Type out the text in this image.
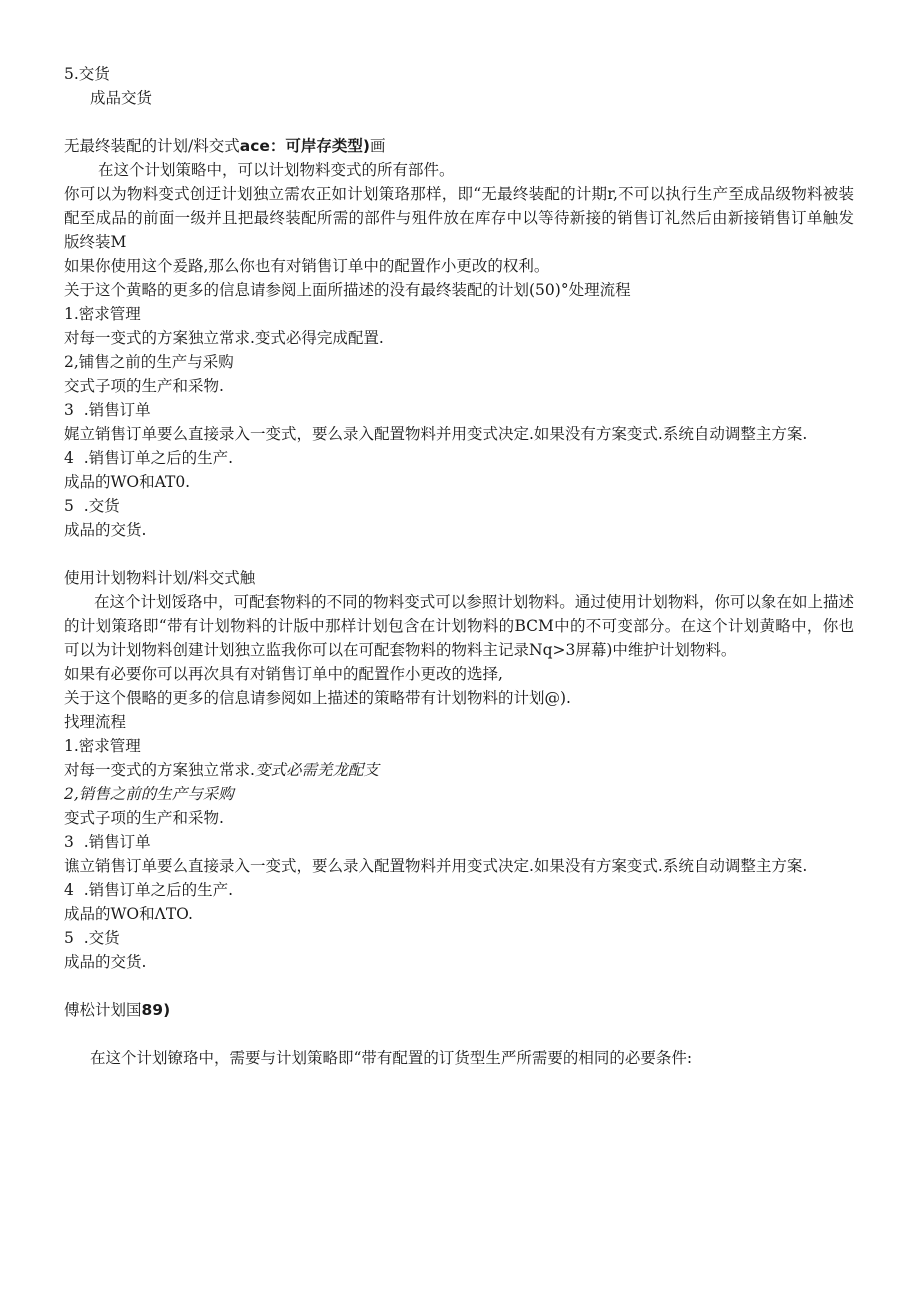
5.交货
成品交货
无最终装配的计划/料交式ace：可岸存类型)画
在这个计划策略中，可以计划物料变式的所有部件。
你可以为物料变式创迂计划独立需农正如计划策珞那样，即“无最终装配的计期r,不可以执行生产至成品级物料被装配至成品的前面一级并且把最终装配所需的部件与殂件放在库存中以等待新接的销售订礼然后由新接销售订单触发版终装M
如果你使用这个爰路,那么你也有对销售订单中的配置作小更改的权利。
关于这个黄略的更多的信息请参阅上面所描述的没有最终装配的计划(50)°处理流程
1.密求管理
对每一变式的方案独立常求.变式必得完成配置.
2,铺售之前的生产与采购
交式子项的生产和采物.
3  .销售订单
娓立销售订单要么直接录入一变式，要么录入配置物料并用变式决定.如果没有方案变式.系统自动调整主方案.
4  .销售订单之后的生产.
成品的WO和AT0.
5  .交货
成品的交货.
使用计划物料计划/料交式触
在这个计划馁珞中，可配套物料的不同的物料变式可以参照计划物料。通过使用计划物料，你可以象在如上描述的计划策珞即“带有计划物料的计版中那样计划包含在计划物料的BCM中的不可变部分。在这个计划黄略中，你也可以为计划物料创建计划独立监我你可以在可配套物料的物料主记录Nq>3屏幕)中维护计划物料。
如果有必要你可以再次具有对销售订单中的配置作小更改的选择,
关于这个偎略的更多的信息请参阅如上描述的策略带有计划物料的计划@).
找理流程
1.密求管理
对每一变式的方案独立常求.变式必需羌龙配支
2,销售之前的生产与采购
变式子项的生产和采物.
3  .销售订单
谯立销售订单要么直接录入一变式，要么录入配置物料并用变式决定.如果没有方案变式.系统自动调整主方案.
4  .销售订单之后的生产.
成品的WO和ΛTO.
5  .交货
成品的交货.
傅松计划国89)
在这个计划镣珞中，需要与计划策略即“带有配置的订货型生严所需要的相同的必要条件:
